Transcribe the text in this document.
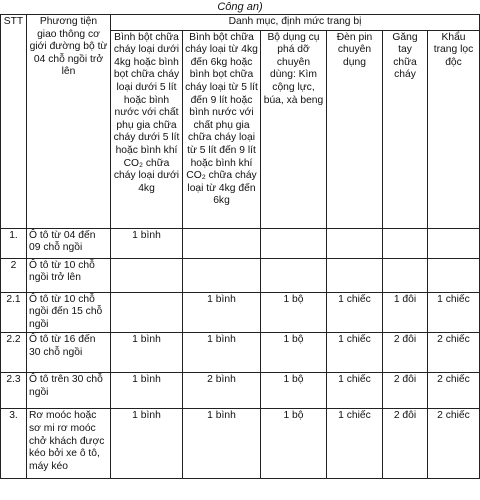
Công an)
STT	Phương tiện giao thông cơ giới đường bộ từ 04 chỗ ngồi trở lên	Danh mục, định mức trang bị					
		Bình bột chữa cháy loại dưới 4kg hoặc bình bọt chữa cháy loại dưới 5 lít hoặc bình nước với chất phụ gia chữa cháy dưới 5 lít hoặc bình khí CO₂ chữa cháy loại dưới 4kg	Bình bột chữa cháy loại từ 4kg đến 6kg hoặc bình bọt chữa cháy loại từ 5 lít đến 9 lít hoặc bình nước với chất phụ gia chữa cháy loại từ 5 lít đến 9 lít hoặc bình khí CO₂ chữa cháy loại từ 4kg đến 6kg	Bộ dụng cụ phá dỡ chuyên dùng: Kìm cộng lực, búa, xà beng	Đèn pin chuyên dụng	Găng tay chữa cháy	Khẩu trang lọc độc
1.	Ô tô từ 04 đến 09 chỗ ngồi	1 bình					
2	Ô tô từ 10 chỗ ngồi trở lên						
2.1	Ô tô từ 10 chỗ ngồi đến 15 chỗ ngồi		1 bình	1 bộ	1 chiếc	1 đôi	1 chiếc
2.2	Ô tô từ 16 đến 30 chỗ ngồi	1 bình	1 bình	1 bộ	1 chiếc	2 đôi	2 chiếc
2.3	Ô tô trên 30 chỗ ngồi	1 bình	2 bình	1 bộ	1 chiếc	2 đôi	2 chiếc
3.	Rơ moóc hoặc sơ mi rơ moóc chở khách được kéo bởi xe ô tô, máy kéo	1 bình	1 bình	1 bộ	1 chiếc	2 đôi	2 chiếc
